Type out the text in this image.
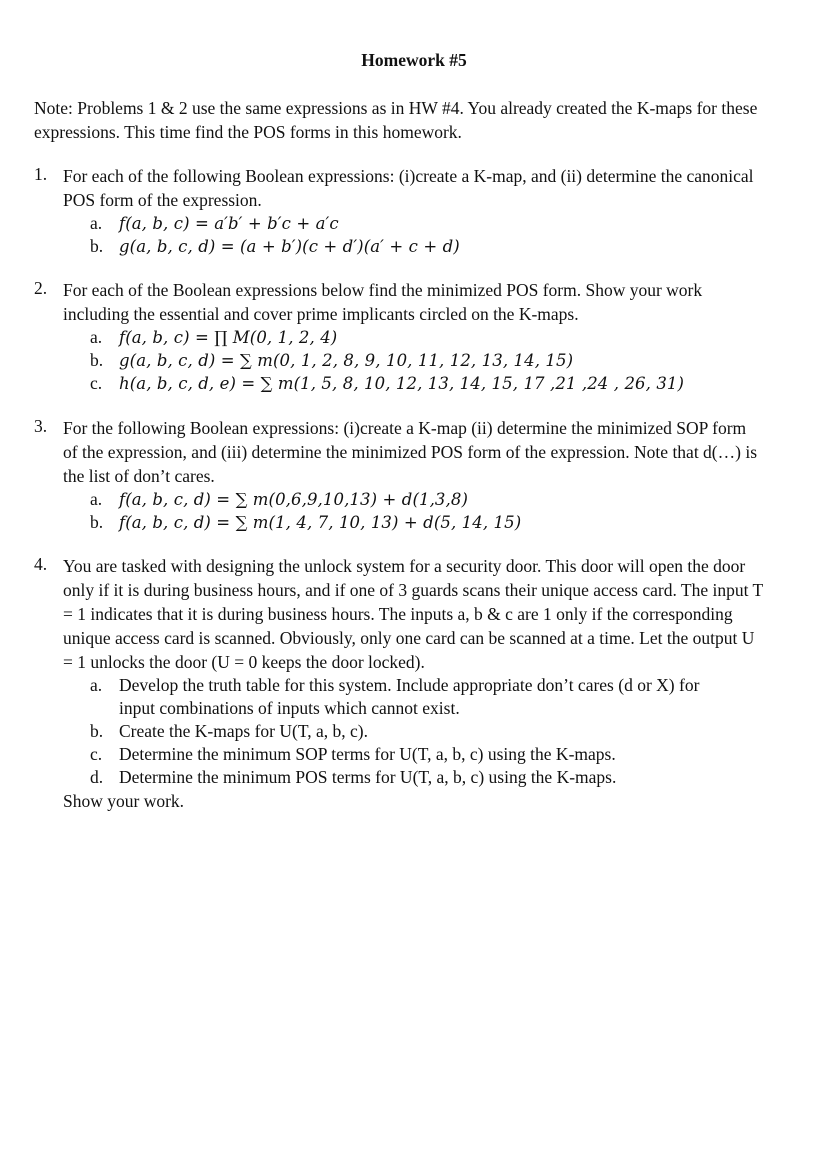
Homework #5
Note: Problems 1 & 2 use the same expressions as in HW #4. You already created the K-maps for these expressions. This time find the POS forms in this homework.
1. For each of the following Boolean expressions: (i)create a K-map, and (ii) determine the canonical POS form of the expression.
a.	f(a, b, c) = a′b′ + b′c + a′c
b. g(a, b, c, d) = (a + b′)(c + d′)(a′ + c + d)
2. For each of the Boolean expressions below find the minimized POS form. Show your work including the essential and cover prime implicants circled on the K-maps.
a.	f(a, b, c) = ∏ M(0, 1, 2, 4)
b. g(a, b, c, d) = ∑ m(0, 1, 2, 8, 9, 10, 11, 12, 13, 14, 15)
c.	h(a, b, c, d, e) = ∑ m(1, 5, 8, 10, 12, 13, 14, 15, 17 ,21 ,24 , 26, 31)
3. For the following Boolean expressions: (i)create a K-map (ii) determine the minimized SOP form of the expression, and (iii) determine the minimized POS form of the expression. Note that d(…) is the list of don’t cares.
a.	f(a, b, c, d) = ∑ m(0,6,9,10,13) + d(1,3,8)
b. f(a, b, c, d) = ∑ m(1, 4, 7, 10, 13) + d(5, 14, 15)
4. You are tasked with designing the unlock system for a security door. This door will open the door only if it is during business hours, and if one of 3 guards scans their unique access card. The input T = 1 indicates that it is during business hours. The inputs a, b & c are 1 only if the corresponding unique access card is scanned. Obviously, only one card can be scanned at a time. Let the output U = 1 unlocks the door (U = 0 keeps the door locked).
a. Develop the truth table for this system. Include appropriate don’t cares (d or X) for input combinations of inputs which cannot exist.
b. Create the K-maps for U(T, a, b, c).
c. Determine the minimum SOP terms for U(T, a, b, c) using the K-maps.
d. Determine the minimum POS terms for U(T, a, b, c) using the K-maps.
Show your work.
